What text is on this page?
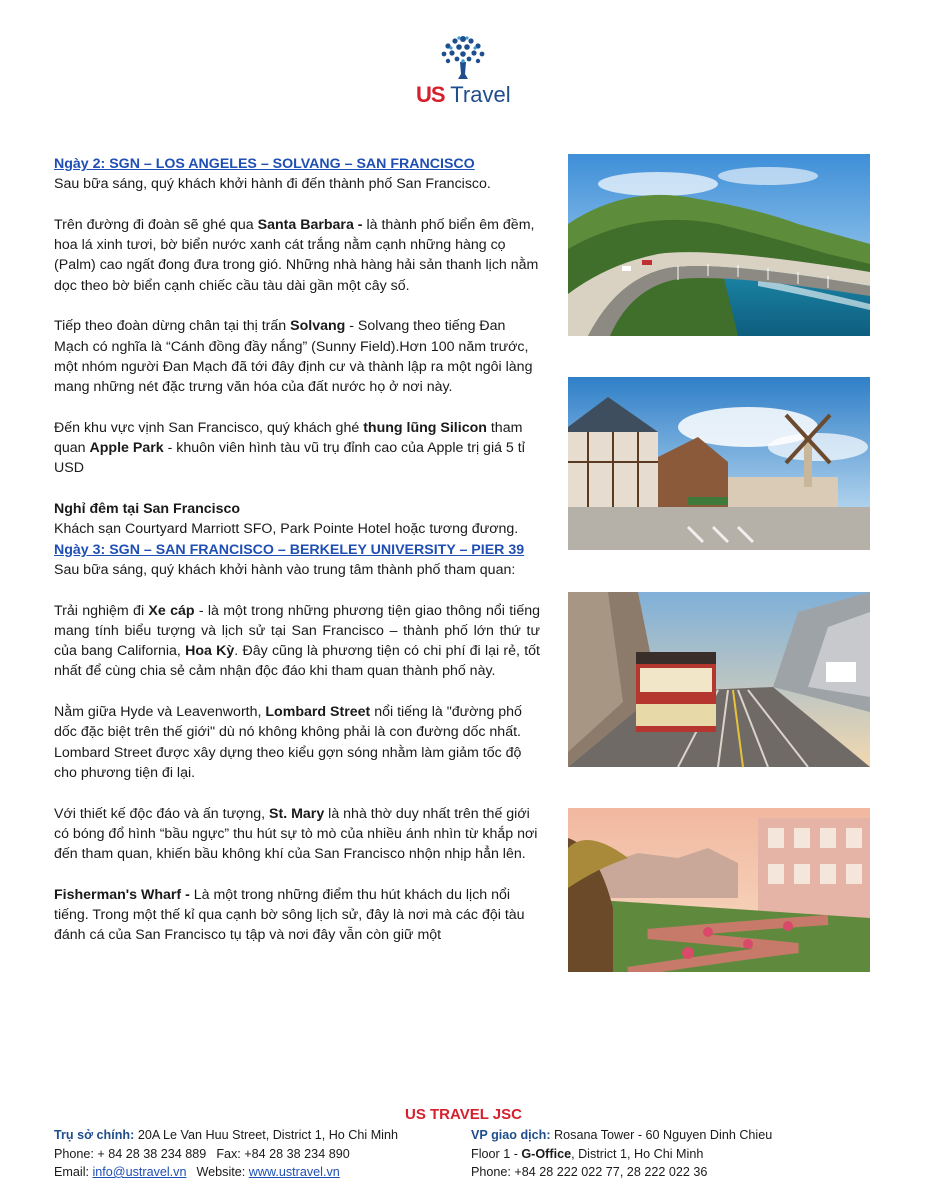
US Travel

Ngày 2: SGN – LOS ANGELES – SOLVANG – SAN FRANCISCO

Sau bữa sáng, quý khách khởi hành đi đến thành phố San Francisco.

Trên đường đi đoàn sẽ ghé qua Santa Barbara - là thành phố biển êm đềm, hoa lá xinh tươi, bờ biển nước xanh cát trắng nằm cạnh những hàng cọ (Palm) cao ngất đong đưa trong gió. Những nhà hàng hải sản thanh lịch nằm dọc theo bờ biển cạnh chiếc cầu tàu dài gần một cây số.

Tiếp theo đoàn dừng chân tại thị trấn Solvang - Solvang theo tiếng Đan Mạch có nghĩa là “Cánh đồng đầy nắng” (Sunny Field).Hơn 100 năm trước, một nhóm người Đan Mạch đã tới đây định cư và thành lập ra một ngôi làng mang những nét đặc trưng văn hóa của đất nước họ ở nơi này.

Đến khu vực vịnh San Francisco, quý khách ghé thung lũng Silicon tham quan Apple Park - khuôn viên hình tàu vũ trụ đỉnh cao của Apple trị giá 5 tỉ USD

Nghỉ đêm tại San Francisco

Khách sạn Courtyard Marriott SFO, Park Pointe Hotel hoặc tương đương.

Ngày 3: SGN – SAN FRANCISCO – BERKELEY UNIVERSITY – PIER 39

Sau bữa sáng, quý khách khởi hành vào trung tâm thành phố tham quan:

Trải nghiệm đi Xe cáp - là một trong những phương tiện giao thông nổi tiếng mang tính biểu tượng và lịch sử tại San Francisco – thành phố lớn thứ tư của bang California, Hoa Kỳ. Đây cũng là phương tiện có chi phí đi lại rẻ, tốt nhất để cùng chia sẻ cảm nhận độc đáo khi tham quan thành phố này.

Nằm giữa Hyde và Leavenworth, Lombard Street nổi tiếng là "đường phố dốc đặc biệt trên thế giới" dù nó không không phải là con đường dốc nhất. Lombard Street được xây dựng theo kiểu gợn sóng nhằm làm giảm tốc độ cho phương tiện đi lại.

Với thiết kế độc đáo và ấn tượng, St. Mary là nhà thờ duy nhất trên thế giới có bóng đổ hình “bầu ngực” thu hút sự tò mò của nhiều ánh nhìn từ khắp nơi đến tham quan, khiến bầu không khí của San Francisco nhộn nhịp hẳn lên.

Fisherman's Wharf - Là một trong những điểm thu hút khách du lịch nổi tiếng. Trong một thế kỉ qua cạnh bờ sông lịch sử, đây là nơi mà các đội tàu đánh cá của San Francisco tụ tập và nơi đây vẫn còn giữ một

US TRAVEL JSC
Trụ sở chính: 20A Le Van Huu Street, District 1, Ho Chi Minh
Phone: + 84 28 38 234 889 Fax: +84 28 38 234 890
Email: info@ustravel.vn Website: www.ustravel.vn
VP giao dịch: Rosana Tower - 60 Nguyen Dinh Chieu
Floor 1 - G-Office, District 1, Ho Chi Minh
Phone: +84 28 222 022 77, 28 222 022 36
